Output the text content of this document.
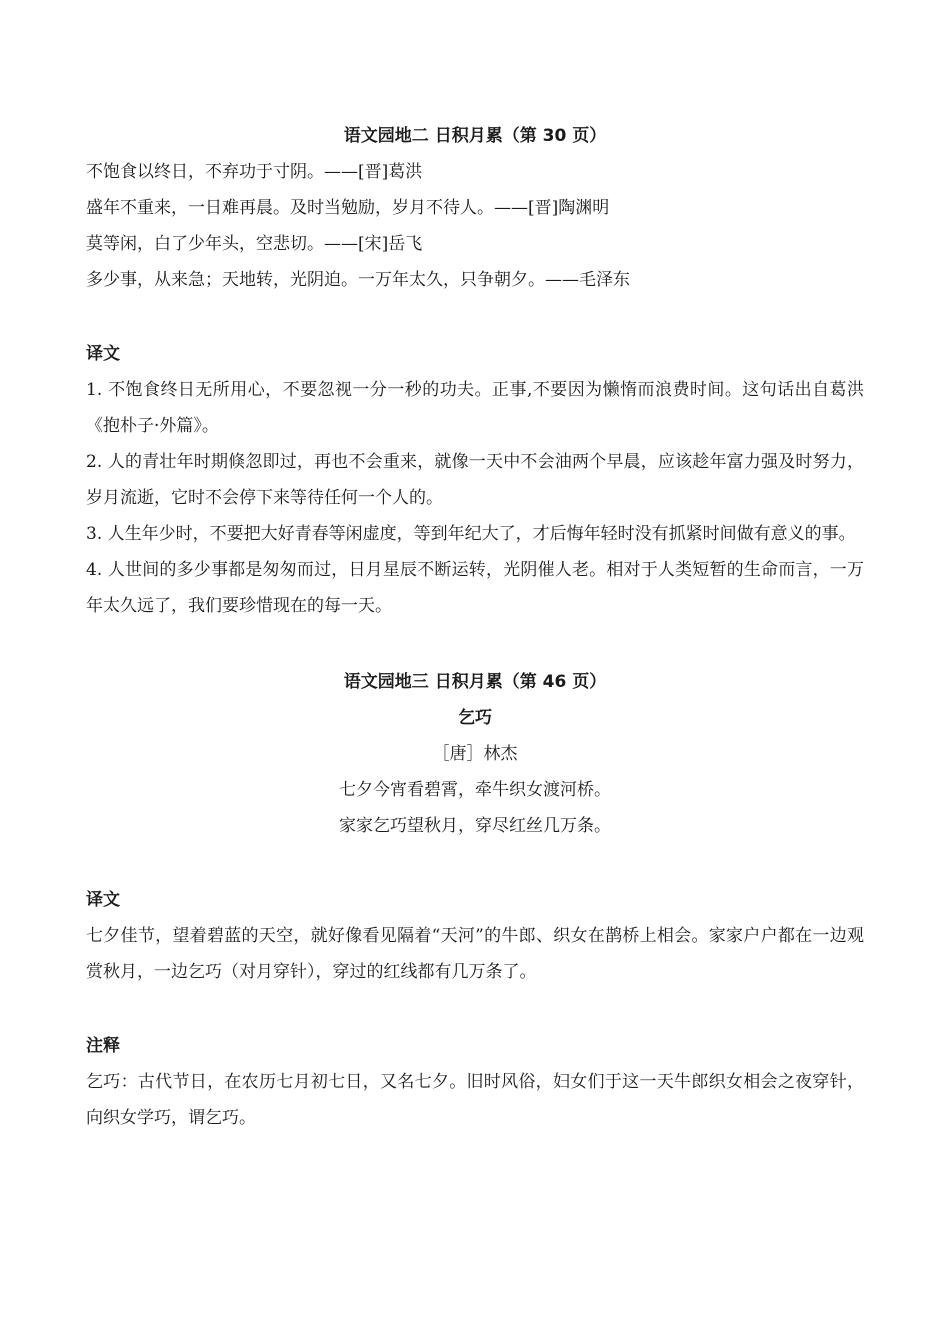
语文园地二 日积月累（第 30 页）

不饱食以终日，不弃功于寸阴。——[晋]葛洪

盛年不重来，一日难再晨。及时当勉励，岁月不待人。——[晋]陶渊明

莫等闲，白了少年头，空悲切。——[宋]岳飞

多少事，从来急；天地转，光阴迫。一万年太久，只争朝夕。——毛泽东

译文

1. 不饱食终日无所用心，不要忽视一分一秒的功夫。正事,不要因为懒惰而浪费时间。这句话出自葛洪《抱朴子·外篇》。

2. 人的青壮年时期倏忽即过，再也不会重来，就像一天中不会油两个早晨，应该趁年富力强及时努力，岁月流逝，它时不会停下来等待任何一个人的。

3. 人生年少时，不要把大好青春等闲虚度，等到年纪大了，才后悔年轻时没有抓紧时间做有意义的事。

4. 人世间的多少事都是匆匆而过，日月星辰不断运转，光阴催人老。相对于人类短暂的生命而言，一万年太久远了，我们要珍惜现在的每一天。

语文园地三 日积月累（第 46 页）
乞巧

［唐］林杰

七夕今宵看碧霄，牵牛织女渡河桥。

家家乞巧望秋月，穿尽红丝几万条。

译文

七夕佳节，望着碧蓝的天空，就好像看见隔着“天河”的牛郎、织女在鹊桥上相会。家家户户都在一边观赏秋月，一边乞巧（对月穿针），穿过的红线都有几万条了。

注释

乞巧：古代节日，在农历七月初七日，又名七夕。旧时风俗，妇女们于这一天牛郎织女相会之夜穿针，向织女学巧，谓乞巧。
